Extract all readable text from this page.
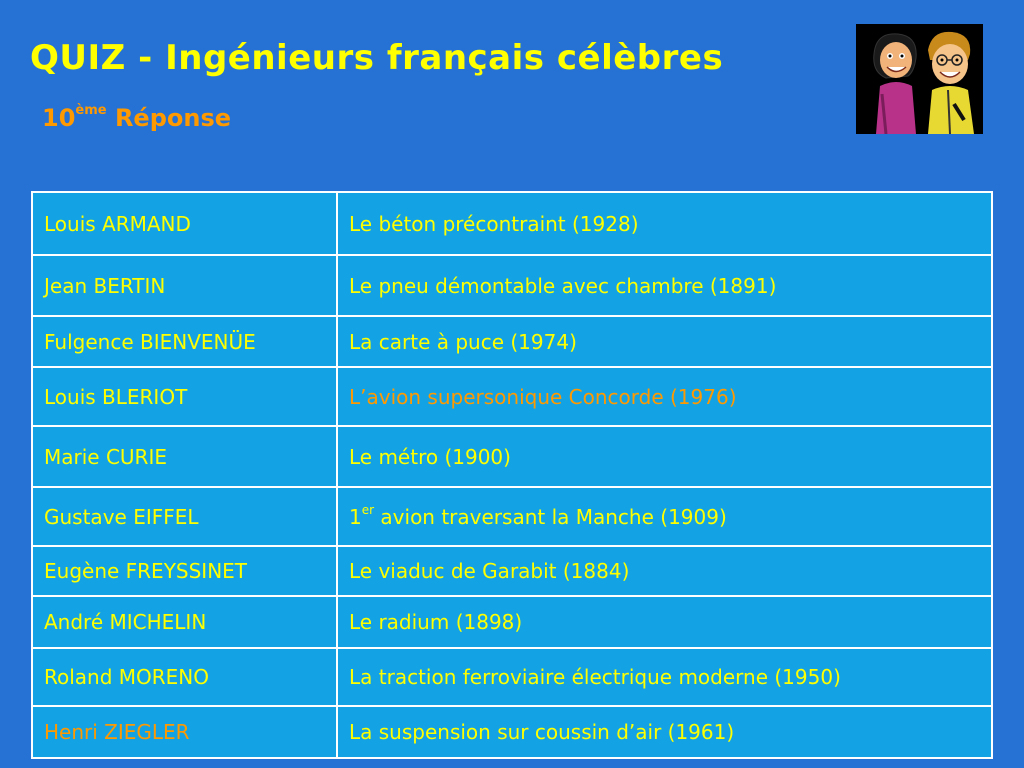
QUIZ - Ingénieurs français célèbres
10ème Réponse
Louis ARMAND	Le béton précontraint (1928)
Jean BERTIN	Le pneu démontable avec chambre (1891)
Fulgence BIENVENÜE	La carte à puce (1974)
Louis BLERIOT	L’avion supersonique Concorde (1976)
Marie CURIE	Le métro (1900)
Gustave EIFFEL	1er avion traversant la Manche (1909)
Eugène FREYSSINET	Le viaduc de Garabit (1884)
André MICHELIN	Le radium (1898)
Roland MORENO	La traction ferroviaire électrique moderne (1950)
Henri ZIEGLER	La suspension sur coussin d’air (1961)
